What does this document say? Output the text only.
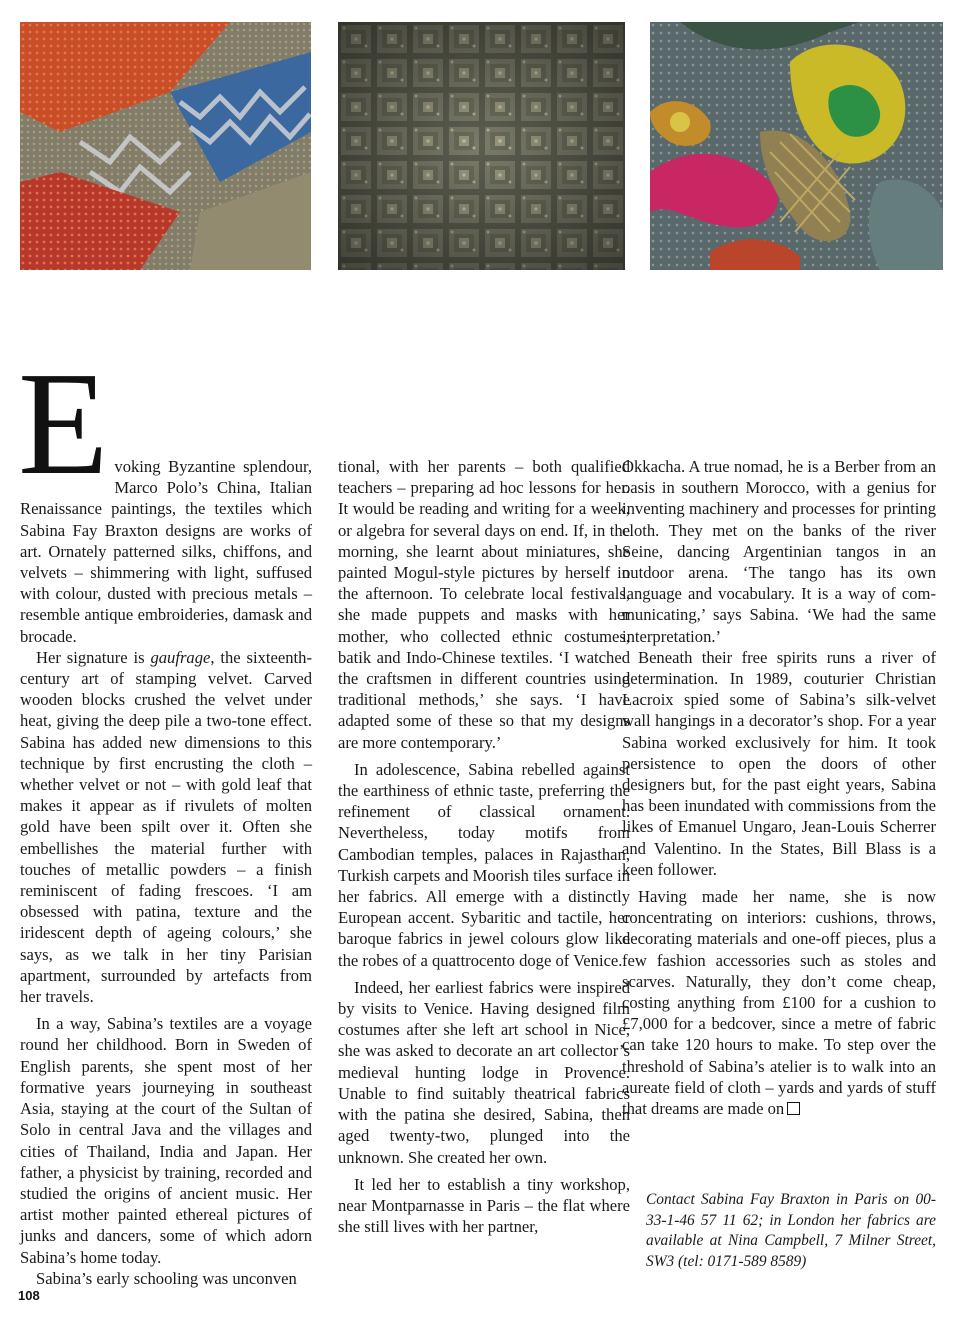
E voking Byzantine splendour, Marco Polo’s China, Italian Renaissance paintings, the textiles which Sabina Fay Braxton designs are works of art. Ornately patterned silks, chiffons, and velvets – shimmering with light, suffused with colour, dusted with precious metals – resemble antique embroideries, damask and brocade.

Her signature is gaufrage, the sixteenth-century art of stamping velvet. Carved wooden blocks crushed the velvet under heat, giving the deep pile a two-tone effect. Sabina has added new dimensions to this technique by first encrusting the cloth – whether velvet or not – with gold leaf that makes it appear as if rivulets of molten gold have been spilt over it. Often she embellishes the material further with touches of metallic powders – a finish reminiscent of fading frescoes. ‘I am obsessed with patina, texture and the iridescent depth of ageing colours,’ she says, as we talk in her tiny Parisian apartment, surrounded by artefacts from her travels.

In a way, Sabina’s textiles are a voyage round her childhood. Born in Sweden of English parents, she spent most of her formative years journeying in southeast Asia, staying at the court of the Sultan of Solo in central Java and the villages and cities of Thailand, India and Japan. Her father, a physicist by training, recorded and studied the origins of ancient music. Her artist mother painted ethereal pictures of junks and dancers, some of which adorn Sabina’s home today.

Sabina’s early schooling was unconven

tional, with her parents – both qualified teachers – preparing ad hoc lessons for her. It would be reading and writing for a week, or algebra for several days on end. If, in the morning, she learnt about miniatures, she painted Mogul-style pictures by herself in the afternoon. To celebrate local festivals, she made puppets and masks with her mother, who collected ethnic costumes, batik and Indo-Chinese textiles. ‘I watched the craftsmen in different countries using traditional methods,’ she says. ‘I have adapted some of these so that my designs are more contemporary.’

In adolescence, Sabina rebelled against the earthiness of ethnic taste, preferring the refinement of classical ornament. Nevertheless, today motifs from Cambodian temples, palaces in Rajasthan, Turkish carpets and Moorish tiles surface in her fabrics. All emerge with a distinctly European accent. Sybaritic and tactile, her baroque fabrics in jewel colours glow like the robes of a quattrocento doge of Venice.

Indeed, her earliest fabrics were inspired by visits to Venice. Having designed film costumes after she left art school in Nice, she was asked to decorate an art collector’s medieval hunting lodge in Provence. Unable to find suitably theatrical fabrics with the patina she desired, Sabina, then aged twenty-two, plunged into the unknown. She created her own.

It led her to establish a tiny workshop, near Montparnasse in Paris – the flat where she still lives with her partner,

Okkacha. A true nomad, he is a Berber from an oasis in southern Morocco, with a genius for inventing machinery and processes for printing cloth. They met on the banks of the river Seine, dancing Argentinian tangos in an outdoor arena. ‘The tango has its own language and vocabulary. It is a way of communicating,’ says Sabina. ‘We had the same interpretation.’

Beneath their free spirits runs a river of determination. In 1989, couturier Christian Lacroix spied some of Sabina’s silk-velvet wall hangings in a decorator’s shop. For a year Sabina worked exclusively for him. It took persistence to open the doors of other designers but, for the past eight years, Sabina has been inundated with commissions from the likes of Emanuel Ungaro, Jean-Louis Scherrer and Valentino. In the States, Bill Blass is a keen follower.

Having made her name, she is now concentrating on interiors: cushions, throws, decorating materials and one-off pieces, plus a few fashion accessories such as stoles and scarves. Naturally, they don’t come cheap, costing anything from £100 for a cushion to £7,000 for a bedcover, since a metre of fabric can take 120 hours to make. To step over the threshold of Sabina’s atelier is to walk into an aureate field of cloth – yards and yards of stuff that dreams are made on

Contact Sabina Fay Braxton in Paris on 00-33-1-46 57 11 62; in London her fabrics are available at Nina Campbell, 7 Milner Street, SW3 (tel: 0171-589 8589)
108
